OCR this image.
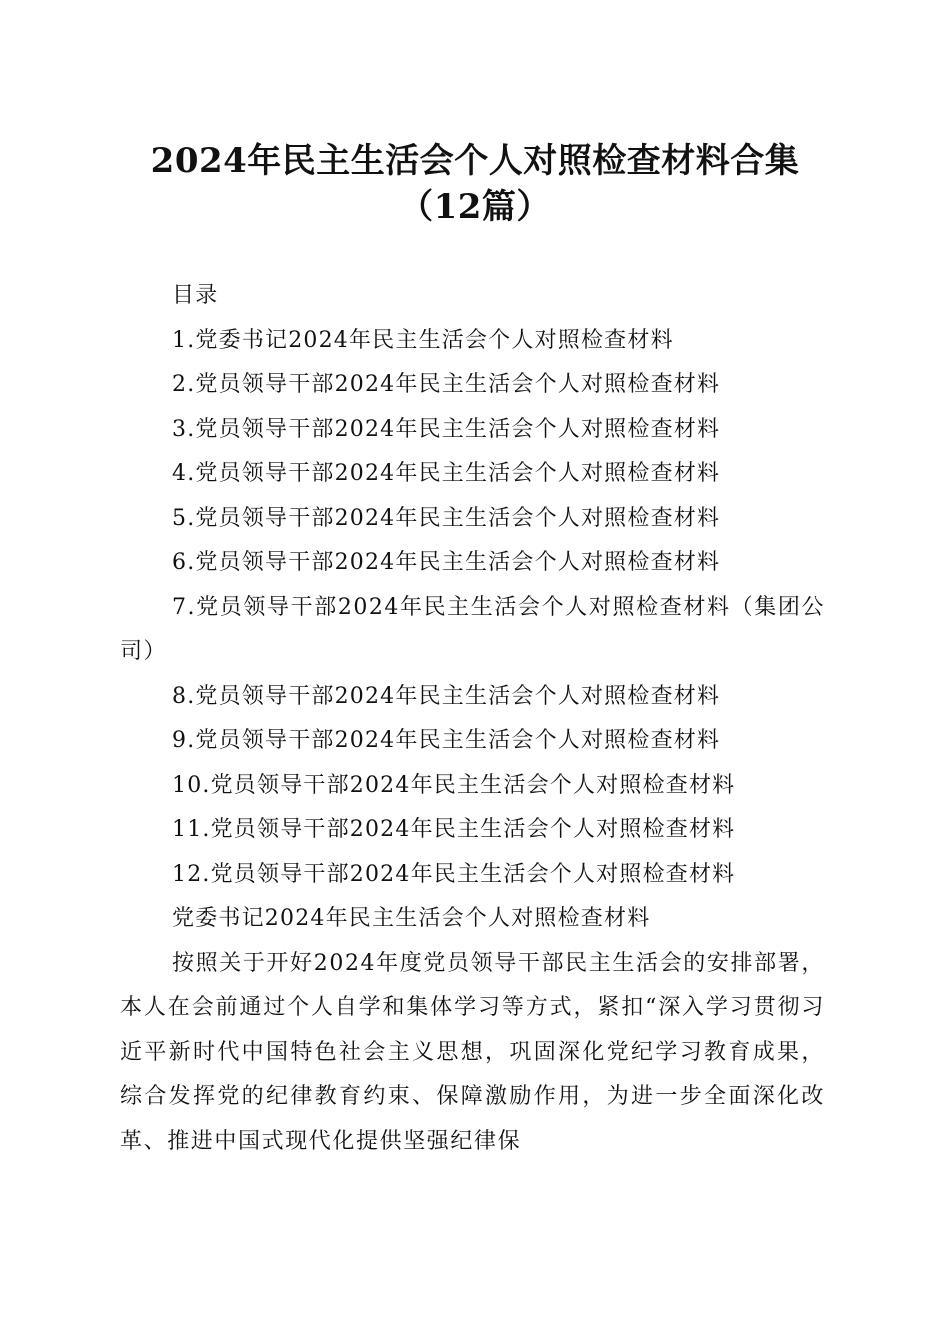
2024年民主生活会个人对照检查材料合集
（12篇）
目录
1.党委书记2024年民主生活会个人对照检查材料
2.党员领导干部2024年民主生活会个人对照检查材料
3.党员领导干部2024年民主生活会个人对照检查材料
4.党员领导干部2024年民主生活会个人对照检查材料
5.党员领导干部2024年民主生活会个人对照检查材料
6.党员领导干部2024年民主生活会个人对照检查材料
7.党员领导干部2024年民主生活会个人对照检查材料（集团公司）
8.党员领导干部2024年民主生活会个人对照检查材料
9.党员领导干部2024年民主生活会个人对照检查材料
10.党员领导干部2024年民主生活会个人对照检查材料
11.党员领导干部2024年民主生活会个人对照检查材料
12.党员领导干部2024年民主生活会个人对照检查材料
党委书记2024年民主生活会个人对照检查材料

按照关于开好2024年度党员领导干部民主生活会的安排部署，本人在会前通过个人自学和集体学习等方式，紧扣“深入学习贯彻习近平新时代中国特色社会主义思想，巩固深化党纪学习教育成果，综合发挥党的纪律教育约束、保障激励作用，为进一步全面深化改革、推进中国式现代化提供坚强纪律保
